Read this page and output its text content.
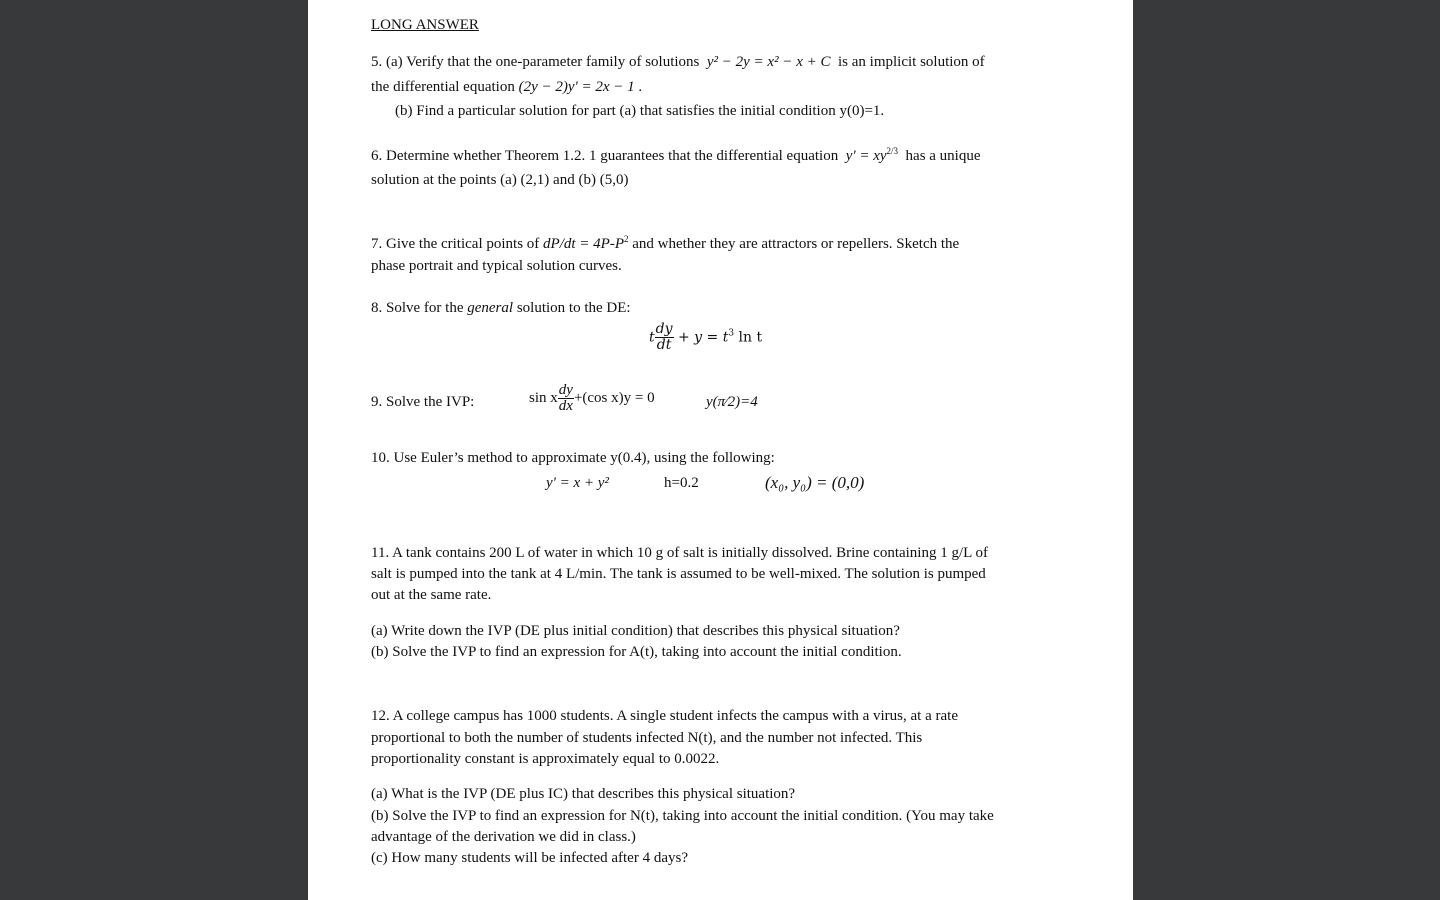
LONG ANSWER
5. (a) Verify that the one-parameter family of solutions y² − 2y = x² − x + C is an implicit solution of
the differential equation (2y − 2)y' = 2x − 1 .
(b) Find a particular solution for part (a) that satisfies the initial condition y(0)=1.
6. Determine whether Theorem 1.2. 1 guarantees that the differential equation $y' = xy^{2/3}$ has a unique
solution at the points (a) (2,1) and (b) (5,0)
7. Give the critical points of $dP/dt = 4P-P^2$ and whether they are attractors or repellers. Sketch the
phase portrait and typical solution curves.
8. Solve for the general solution to the DE:
t $\frac{dy}{dt} + y = t^3$ ln t
9. Solve the IVP:	sin x $\frac{dy}{dx} +(\cos$ x)y = 0	y(π⁄2)=4
10. Use Euler’s method to approximate y(0.4), using the following:
y' = x + y²	h=0.2	(x₀, y₀) = (0,0)
11. A tank contains 200 L of water in which 10 g of salt is initially dissolved. Brine containing 1 g/L of
salt is pumped into the tank at 4 L/min. The tank is assumed to be well-mixed. The solution is pumped
out at the same rate.
(a) Write down the IVP (DE plus initial condition) that describes this physical situation?
(b) Solve the IVP to find an expression for A(t), taking into account the initial condition.
12. A college campus has 1000 students. A single student infects the campus with a virus, at a rate
proportional to both the number of students infected N(t), and the number not infected. This
proportionality constant is approximately equal to 0.0022.
(a) What is the IVP (DE plus IC) that describes this physical situation?
(b) Solve the IVP to find an expression for N(t), taking into account the initial condition. (You may take
advantage of the derivation we did in class.)
(c) How many students will be infected after 4 days?
